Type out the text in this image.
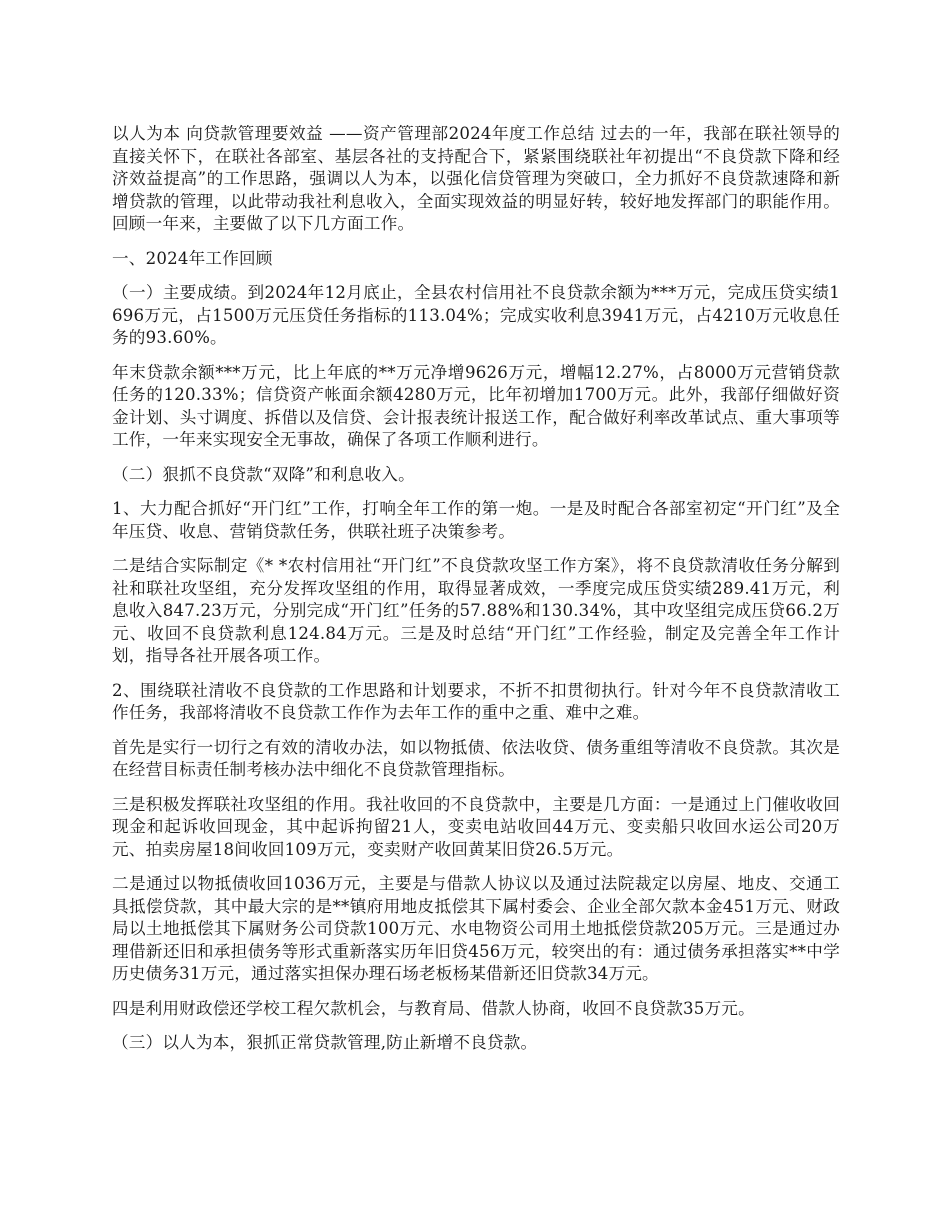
以人为本 向贷款管理要效益 ——资产管理部2024年度工作总结 过去的一年，我部在联社领导的直接关怀下，在联社各部室、基层各社的支持配合下，紧紧围绕联社年初提出“不良贷款下降和经济效益提高”的工作思路，强调以人为本，以强化信贷管理为突破口，全力抓好不良贷款速降和新增贷款的管理，以此带动我社利息收入，全面实现效益的明显好转，较好地发挥部门的职能作用。回顾一年来，主要做了以下几方面工作。

一、2024年工作回顾

（一）主要成绩。到2024年12月底止，全县农村信用社不良贷款余额为***万元，完成压贷实绩1696万元，占1500万元压贷任务指标的113.04%；完成实收利息3941万元，占4210万元收息任务的93.60%。

年末贷款余额***万元，比上年底的**万元净增9626万元，增幅12.27%，占8000万元营销贷款任务的120.33%；信贷资产帐面余额4280万元，比年初增加1700万元。此外，我部仔细做好资金计划、头寸调度、拆借以及信贷、会计报表统计报送工作，配合做好利率改革试点、重大事项等工作，一年来实现安全无事故，确保了各项工作顺利进行。

（二）狠抓不良贷款“双降”和利息收入。

1、大力配合抓好“开门红”工作，打响全年工作的第一炮。一是及时配合各部室初定“开门红”及全年压贷、收息、营销贷款任务，供联社班子决策参考。

二是结合实际制定《* *农村信用社“开门红”不良贷款攻坚工作方案》，将不良贷款清收任务分解到社和联社攻坚组，充分发挥攻坚组的作用，取得显著成效，一季度完成压贷实绩289.41万元，利息收入847.23万元，分别完成“开门红”任务的57.88%和130.34%，其中攻坚组完成压贷66.2万元、收回不良贷款利息124.84万元。三是及时总结“开门红”工作经验，制定及完善全年工作计划，指导各社开展各项工作。

2、围绕联社清收不良贷款的工作思路和计划要求，不折不扣贯彻执行。针对今年不良贷款清收工作任务，我部将清收不良贷款工作作为去年工作的重中之重、难中之难。

首先是实行一切行之有效的清收办法，如以物抵债、依法收贷、债务重组等清收不良贷款。其次是在经营目标责任制考核办法中细化不良贷款管理指标。

三是积极发挥联社攻坚组的作用。我社收回的不良贷款中，主要是几方面：一是通过上门催收收回现金和起诉收回现金，其中起诉拘留21人，变卖电站收回44万元、变卖船只收回水运公司20万元、拍卖房屋18间收回109万元，变卖财产收回黄某旧贷26.5万元。

二是通过以物抵债收回1036万元，主要是与借款人协议以及通过法院裁定以房屋、地皮、交通工具抵偿贷款，其中最大宗的是**镇府用地皮抵偿其下属村委会、企业全部欠款本金451万元、财政局以土地抵偿其下属财务公司贷款100万元、水电物资公司用土地抵偿贷款205万元。三是通过办理借新还旧和承担债务等形式重新落实历年旧贷456万元，较突出的有：通过债务承担落实**中学历史债务31万元，通过落实担保办理石场老板杨某借新还旧贷款34万元。

四是利用财政偿还学校工程欠款机会，与教育局、借款人协商，收回不良贷款35万元。

（三）以人为本，狠抓正常贷款管理,防止新增不良贷款。
